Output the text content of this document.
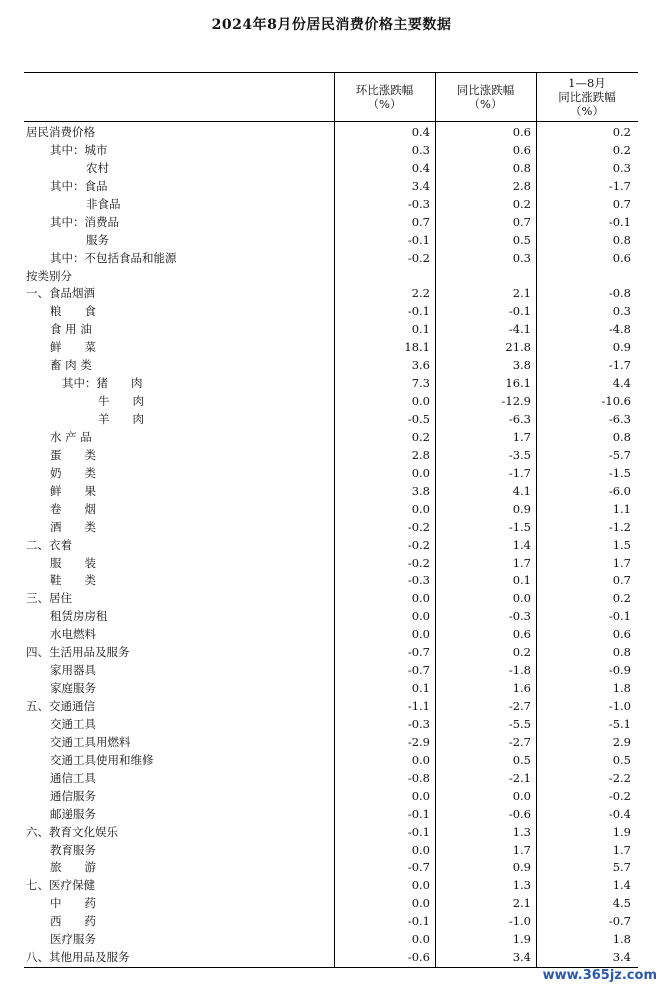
2024年8月份居民消费价格主要数据
环比涨跌幅
（%）
同比涨跌幅
（%）
1—8月
同比涨跌幅
（%）
居民消费价格	0.4	0.6	0.2
其中：城市	0.3	0.6	0.2
农村	0.4	0.8	0.3
其中：食品	3.4	2.8	-1.7
非食品	-0.3	0.2	0.7
其中：消费品	0.7	0.7	-0.1
服务	-0.1	0.5	0.8
其中：不包括食品和能源	-0.2	0.3	0.6
按类别分
一、食品烟酒	2.2	2.1	-0.8
粮　　食	-0.1	-0.1	0.3
食 用 油	0.1	-4.1	-4.8
鲜　　菜	18.1	21.8	0.9
畜 肉 类	3.6	3.8	-1.7
其中：猪　　肉	7.3	16.1	4.4
牛　　肉	0.0	-12.9	-10.6
羊　　肉	-0.5	-6.3	-6.3
水 产 品	0.2	1.7	0.8
蛋　　类	2.8	-3.5	-5.7
奶　　类	0.0	-1.7	-1.5
鲜　　果	3.8	4.1	-6.0
卷　　烟	0.0	0.9	1.1
酒　　类	-0.2	-1.5	-1.2
二、衣着	-0.2	1.4	1.5
服　　装	-0.2	1.7	1.7
鞋　　类	-0.3	0.1	0.7
三、居住	0.0	0.0	0.2
租赁房房租	0.0	-0.3	-0.1
水电燃料	0.0	0.6	0.6
四、生活用品及服务	-0.7	0.2	0.8
家用器具	-0.7	-1.8	-0.9
家庭服务	0.1	1.6	1.8
五、交通通信	-1.1	-2.7	-1.0
交通工具	-0.3	-5.5	-5.1
交通工具用燃料	-2.9	-2.7	2.9
交通工具使用和维修	0.0	0.5	0.5
通信工具	-0.8	-2.1	-2.2
通信服务	0.0	0.0	-0.2
邮递服务	-0.1	-0.6	-0.4
六、教育文化娱乐	-0.1	1.3	1.9
教育服务	0.0	1.7	1.7
旅　　游	-0.7	0.9	5.7
七、医疗保健	0.0	1.3	1.4
中　　药	0.0	2.1	4.5
西　　药	-0.1	-1.0	-0.7
医疗服务	0.0	1.9	1.8
八、其他用品及服务	-0.6	3.4	3.4
www.365jz.com
